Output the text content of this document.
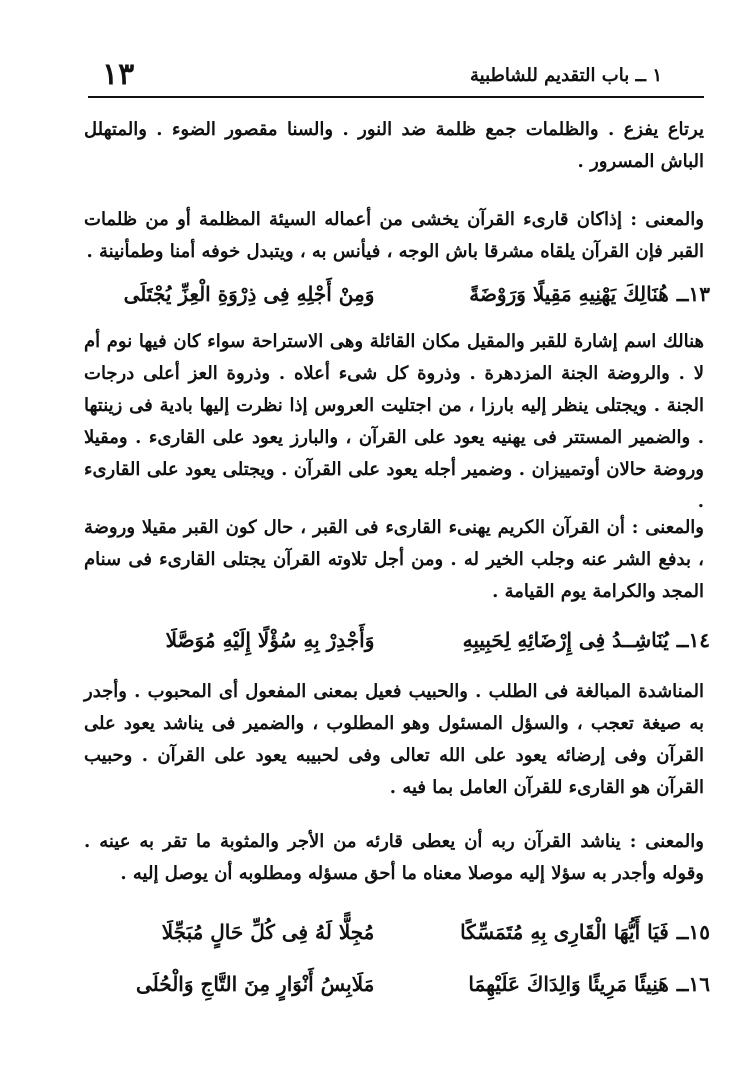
١٣	١ ــ باب التقديم للشاطبية
يرتاع يفزع . والظلمات جمع ظلمة ضد النور . والسنا مقصور الضوء . والمتهلل الباش المسرور .
والمعنى : إذاكان قارىء القرآن يخشى من أعماله السيئة المظلمة أو من ظلمات القبر فإن القرآن يلقاه مشرقا باش الوجه ، فيأنس به ، ويتبدل خوفه أمنا وطمأنينة .
١٣ــ
هُنَالِكَ يَهْنِيهِ مَقِيلًا وَرَوْضَةً
وَمِنْ أَجْلِهِ فِى ذِرْوَةِ الْعِزِّ يُجْتَلَى
هنالك اسم إشارة للقبر والمقيل مكان القائلة وهى الاستراحة سواء كان فيها نوم أم لا . والروضة الجنة المزدهرة . وذروة كل شىء أعلاه . وذروة العز أعلى درجات الجنة . ويجتلى ينظر إليه بارزا ، من اجتليت العروس إذا نظرت إليها بادية فى زينتها . والضمير المستتر فى يهنيه يعود على القرآن ، والبارز يعود على القارىء . ومقيلا وروضة حالان أوتمييزان . وضمير أجله يعود على القرآن . ويجتلى يعود على القارىء .
والمعنى : أن القرآن الكريم يهنىء القارىء فى القبر ، حال كون القبر مقيلا وروضة ، بدفع الشر عنه وجلب الخير له . ومن أجل تلاوته القرآن يجتلى القارىء فى سنام المجد والكرامة يوم القيامة .
١٤ــ
يُنَاشِــدُ فِى إِرْضَائِهِ لِحَبِيبِهِ
وَأَجْدِرْ بِهِ سُؤْلًا إِلَيْهِ مُوَصَّلَا
المناشدة المبالغة فى الطلب . والحبيب فعيل بمعنى المفعول أى المحبوب . وأجدر به صيغة تعجب ، والسؤل المسئول وهو المطلوب ، والضمير فى يناشد يعود على القرآن وفى إرضائه يعود على الله تعالى وفى لحبيبه يعود على القرآن . وحبيب القرآن هو القارىء للقرآن العامل بما فيه .
والمعنى : يناشد القرآن ربه أن يعطى قارئه من الأجر والمثوبة ما تقر به عينه . وقوله وأجدر به سؤلا إليه موصلا معناه ما أحق مسؤله ومطلوبه أن يوصل إليه .
١٥ــ
فَيَا أَيُّهَا الْقَارِى بِهِ مُتَمَسِّكًا
مُجِلًّا لَهُ فِى كُلِّ حَالٍ مُبَجِّلَا
١٦ــ
هَنِيئًا مَرِيئًا وَالِدَاكَ عَلَيْهِمَا
مَلَابِسُ أَنْوَارٍ مِنَ التَّاجِ وَالْحُلَى
